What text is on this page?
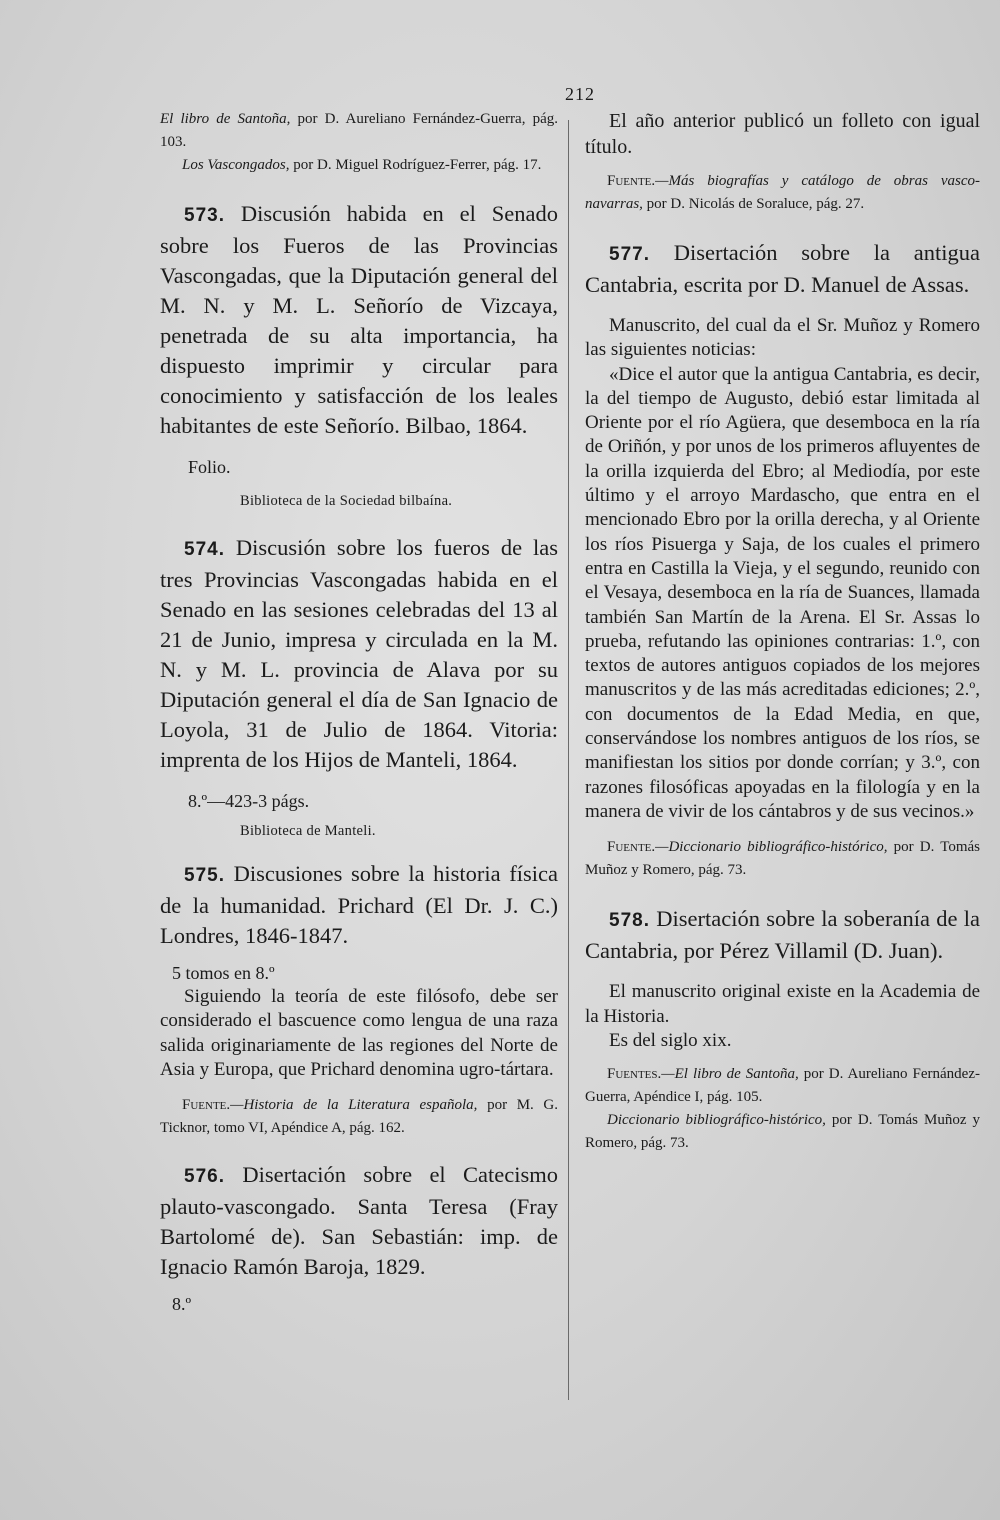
212

El libro de Santoña, por D. Aureliano Fernández-Guerra, pág. 103.

Los Vascongados, por D. Miguel Rodríguez-Ferrer, pág. 17.

573. Discusión habida en el Senado sobre los Fueros de las Provincias Vascongadas, que la Diputación general del M. N. y M. L. Señorío de Vizcaya, penetrada de su alta importancia, ha dispuesto imprimir y circular para conocimiento y satisfacción de los leales habitantes de este Señorío. Bilbao, 1864.

Folio.

Biblioteca de la Sociedad bilbaína.

574. Discusión sobre los fueros de las tres Provincias Vascongadas habida en el Senado en las sesiones celebradas del 13 al 21 de Junio, impresa y circulada en la M. N. y M. L. provincia de Alava por su Diputación general el día de San Ignacio de Loyola, 31 de Julio de 1864. Vitoria: imprenta de los Hijos de Manteli, 1864.

8.º—423-3 págs.

Biblioteca de Manteli.

575. Discusiones sobre la historia física de la humanidad. Prichard (El Dr. J. C.) Londres, 1846-1847.

5 tomos en 8.º

Siguiendo la teoría de este filósofo, debe ser considerado el bascuence como lengua de una raza salida originariamente de las regiones del Norte de Asia y Europa, que Prichard denomina ugro-tártara.

Fuente.—Historia de la Literatura española, por M. G. Ticknor, tomo VI, Apéndice A, pág. 162.

576. Disertación sobre el Catecismo plauto-vascongado. Santa Teresa (Fray Bartolomé de). San Sebastián: imp. de Ignacio Ramón Baroja, 1829.

8.º

El año anterior publicó un folleto con igual título.

Fuente.—Más biografías y catálogo de obras vasco-navarras, por D. Nicolás de Soraluce, pág. 27.

577. Disertación sobre la antigua Cantabria, escrita por D. Manuel de Assas.

Manuscrito, del cual da el Sr. Muñoz y Romero las siguientes noticias:

«Dice el autor que la antigua Cantabria, es decir, la del tiempo de Augusto, debió estar limitada al Oriente por el río Agüera, que desemboca en la ría de Oriñón, y por unos de los primeros afluyentes de la orilla izquierda del Ebro; al Mediodía, por este último y el arroyo Mardascho, que entra en el mencionado Ebro por la orilla derecha, y al Oriente los ríos Pisuerga y Saja, de los cuales el primero entra en Castilla la Vieja, y el segundo, reunido con el Vesaya, desemboca en la ría de Suances, llamada también San Martín de la Arena. El Sr. Assas lo prueba, refutando las opiniones contrarias: 1.º, con textos de autores antiguos copiados de los mejores manuscritos y de las más acreditadas ediciones; 2.º, con documentos de la Edad Media, en que, conservándose los nombres antiguos de los ríos, se manifiestan los sitios por donde corrían; y 3.º, con razones filosóficas apoyadas en la filología y en la manera de vivir de los cántabros y de sus vecinos.»

Fuente.—Diccionario bibliográfico-histórico, por D. Tomás Muñoz y Romero, pág. 73.

578. Disertación sobre la soberanía de la Cantabria, por Pérez Villamil (D. Juan).

El manuscrito original existe en la Academia de la Historia.

Es del siglo xix.

Fuentes.—El libro de Santoña, por D. Aureliano Fernández-Guerra, Apéndice I, pág. 105.

Diccionario bibliográfico-histórico, por D. Tomás Muñoz y Romero, pág. 73.
